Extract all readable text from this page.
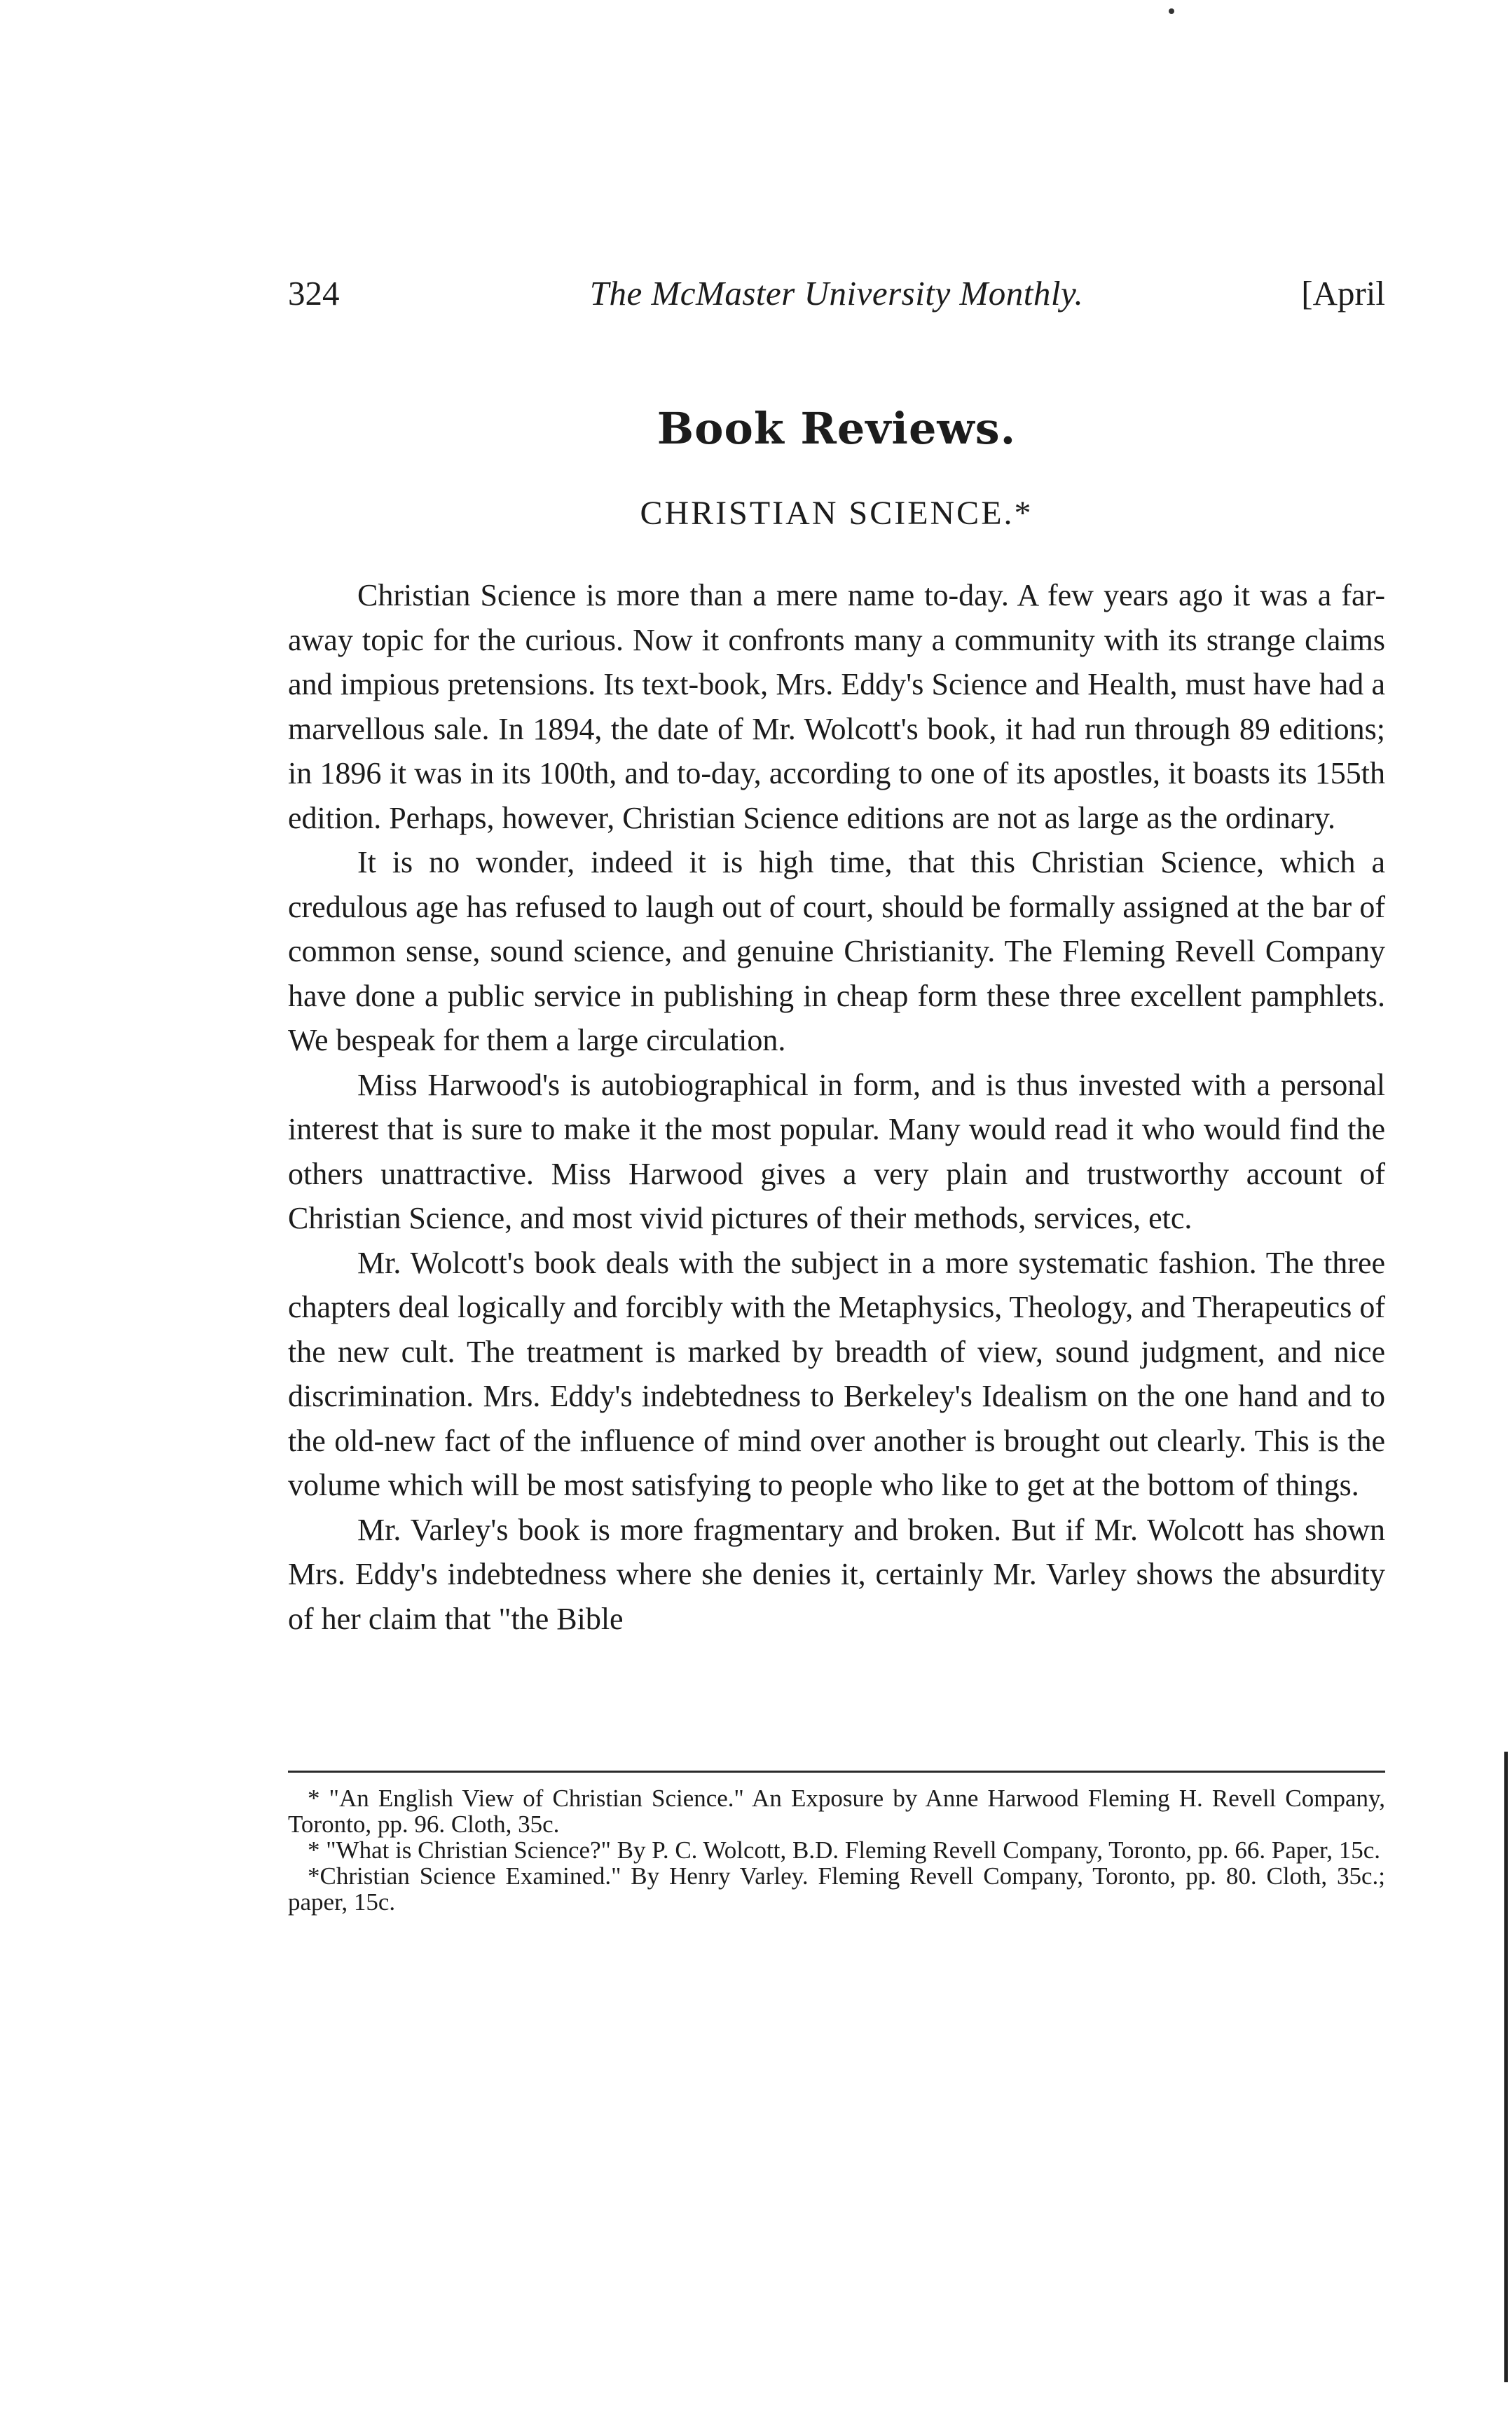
324	The McMaster University Monthly.	[April
Book Reviews.
CHRISTIAN SCIENCE.*

Christian Science is more than a mere name to-day. A few years ago it was a far-away topic for the curious. Now it confronts many a community with its strange claims and impious pretensions. Its text-book, Mrs. Eddy's Science and Health, must have had a marvellous sale. In 1894, the date of Mr. Wolcott's book, it had run through 89 editions; in 1896 it was in its 100th, and to-day, according to one of its apostles, it boasts its 155th edition. Perhaps, however, Christian Science editions are not as large as the ordinary.

It is no wonder, indeed it is high time, that this Christian Science, which a credulous age has refused to laugh out of court, should be formally assigned at the bar of common sense, sound science, and genuine Christianity. The Fleming Revell Company have done a public service in publishing in cheap form these three excellent pamphlets. We bespeak for them a large circulation.

Miss Harwood's is autobiographical in form, and is thus invested with a personal interest that is sure to make it the most popular. Many would read it who would find the others unattractive. Miss Harwood gives a very plain and trustworthy account of Christian Science, and most vivid pictures of their methods, services, etc.

Mr. Wolcott's book deals with the subject in a more systematic fashion. The three chapters deal logically and forcibly with the Metaphysics, Theology, and Therapeutics of the new cult. The treatment is marked by breadth of view, sound judgment, and nice discrimination. Mrs. Eddy's indebtedness to Berkeley's Idealism on the one hand and to the old-new fact of the influence of mind over another is brought out clearly. This is the volume which will be most satisfying to people who like to get at the bottom of things.

Mr. Varley's book is more fragmentary and broken. But if Mr. Wolcott has shown Mrs. Eddy's indebtedness where she denies it, certainly Mr. Varley shows the absurdity of her claim that "the Bible

* "An English View of Christian Science." An Exposure by Anne Harwood Fleming H. Revell Company, Toronto, pp. 96. Cloth, 35c.

* "What is Christian Science?" By P. C. Wolcott, B.D. Fleming Revell Company, Toronto, pp. 66. Paper, 15c.

*Christian Science Examined." By Henry Varley. Fleming Revell Company, Toronto, pp. 80. Cloth, 35c.; paper, 15c.
